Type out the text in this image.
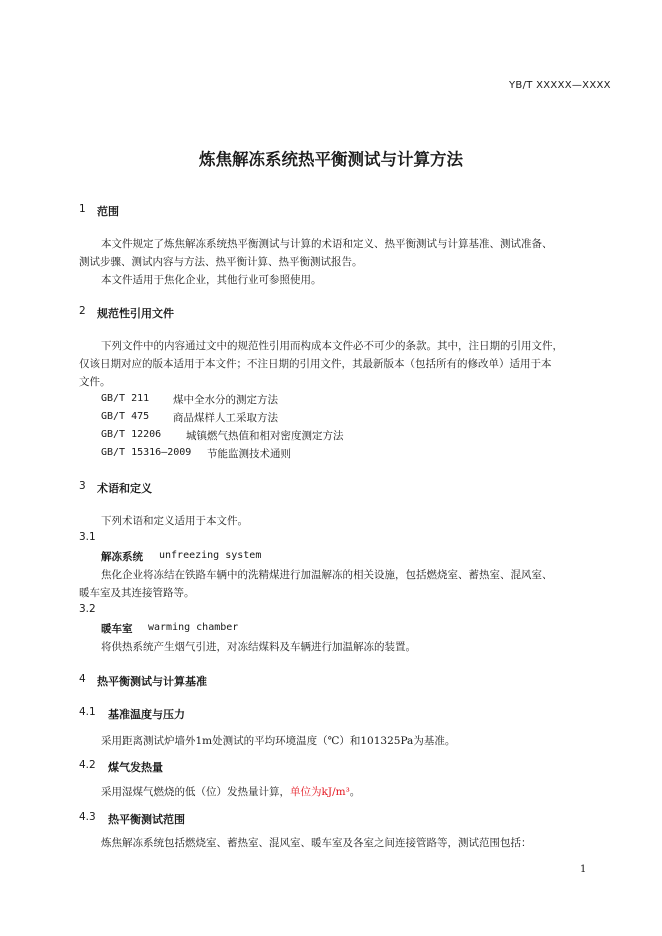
YB/T XXXXX—XXXX
炼焦解冻系统热平衡测试与计算方法
1 范围
本文件规定了炼焦解冻系统热平衡测试与计算的术语和定义、热平衡测试与计算基准、测试准备、
测试步骤、测试内容与方法、热平衡计算、热平衡测试报告。
本文件适用于焦化企业，其他行业可参照使用。
2 规范性引用文件
下列文件中的内容通过文中的规范性引用而构成本文件必不可少的条款。其中，注日期的引用文件，
仅该日期对应的版本适用于本文件；不注日期的引用文件，其最新版本（包括所有的修改单）适用于本
文件。
GB/T 211 煤中全水分的测定方法
GB/T 475 商品煤样人工采取方法
GB/T 12206 城镇燃气热值和相对密度测定方法
GB/T 15316—2009 节能监测技术通则
3 术语和定义
下列术语和定义适用于本文件。
3.1
解冻系统 unfreezing system
焦化企业将冻结在铁路车辆中的洗精煤进行加温解冻的相关设施，包括燃烧室、蓄热室、混风室、
暖车室及其连接管路等。
3.2
暖车室 warming chamber
将供热系统产生烟气引进，对冻结煤料及车辆进行加温解冻的装置。
4 热平衡测试与计算基准
4.1 基准温度与压力
采用距离测试炉墙外1m处测试的平均环境温度（℃）和101325Pa为基准。
4.2 煤气发热量
采用湿煤气燃烧的低（位）发热量计算，单位为kJ/m³。
4.3 热平衡测试范围
炼焦解冻系统包括燃烧室、蓄热室、混风室、暖车室及各室之间连接管路等，测试范围包括：
1
